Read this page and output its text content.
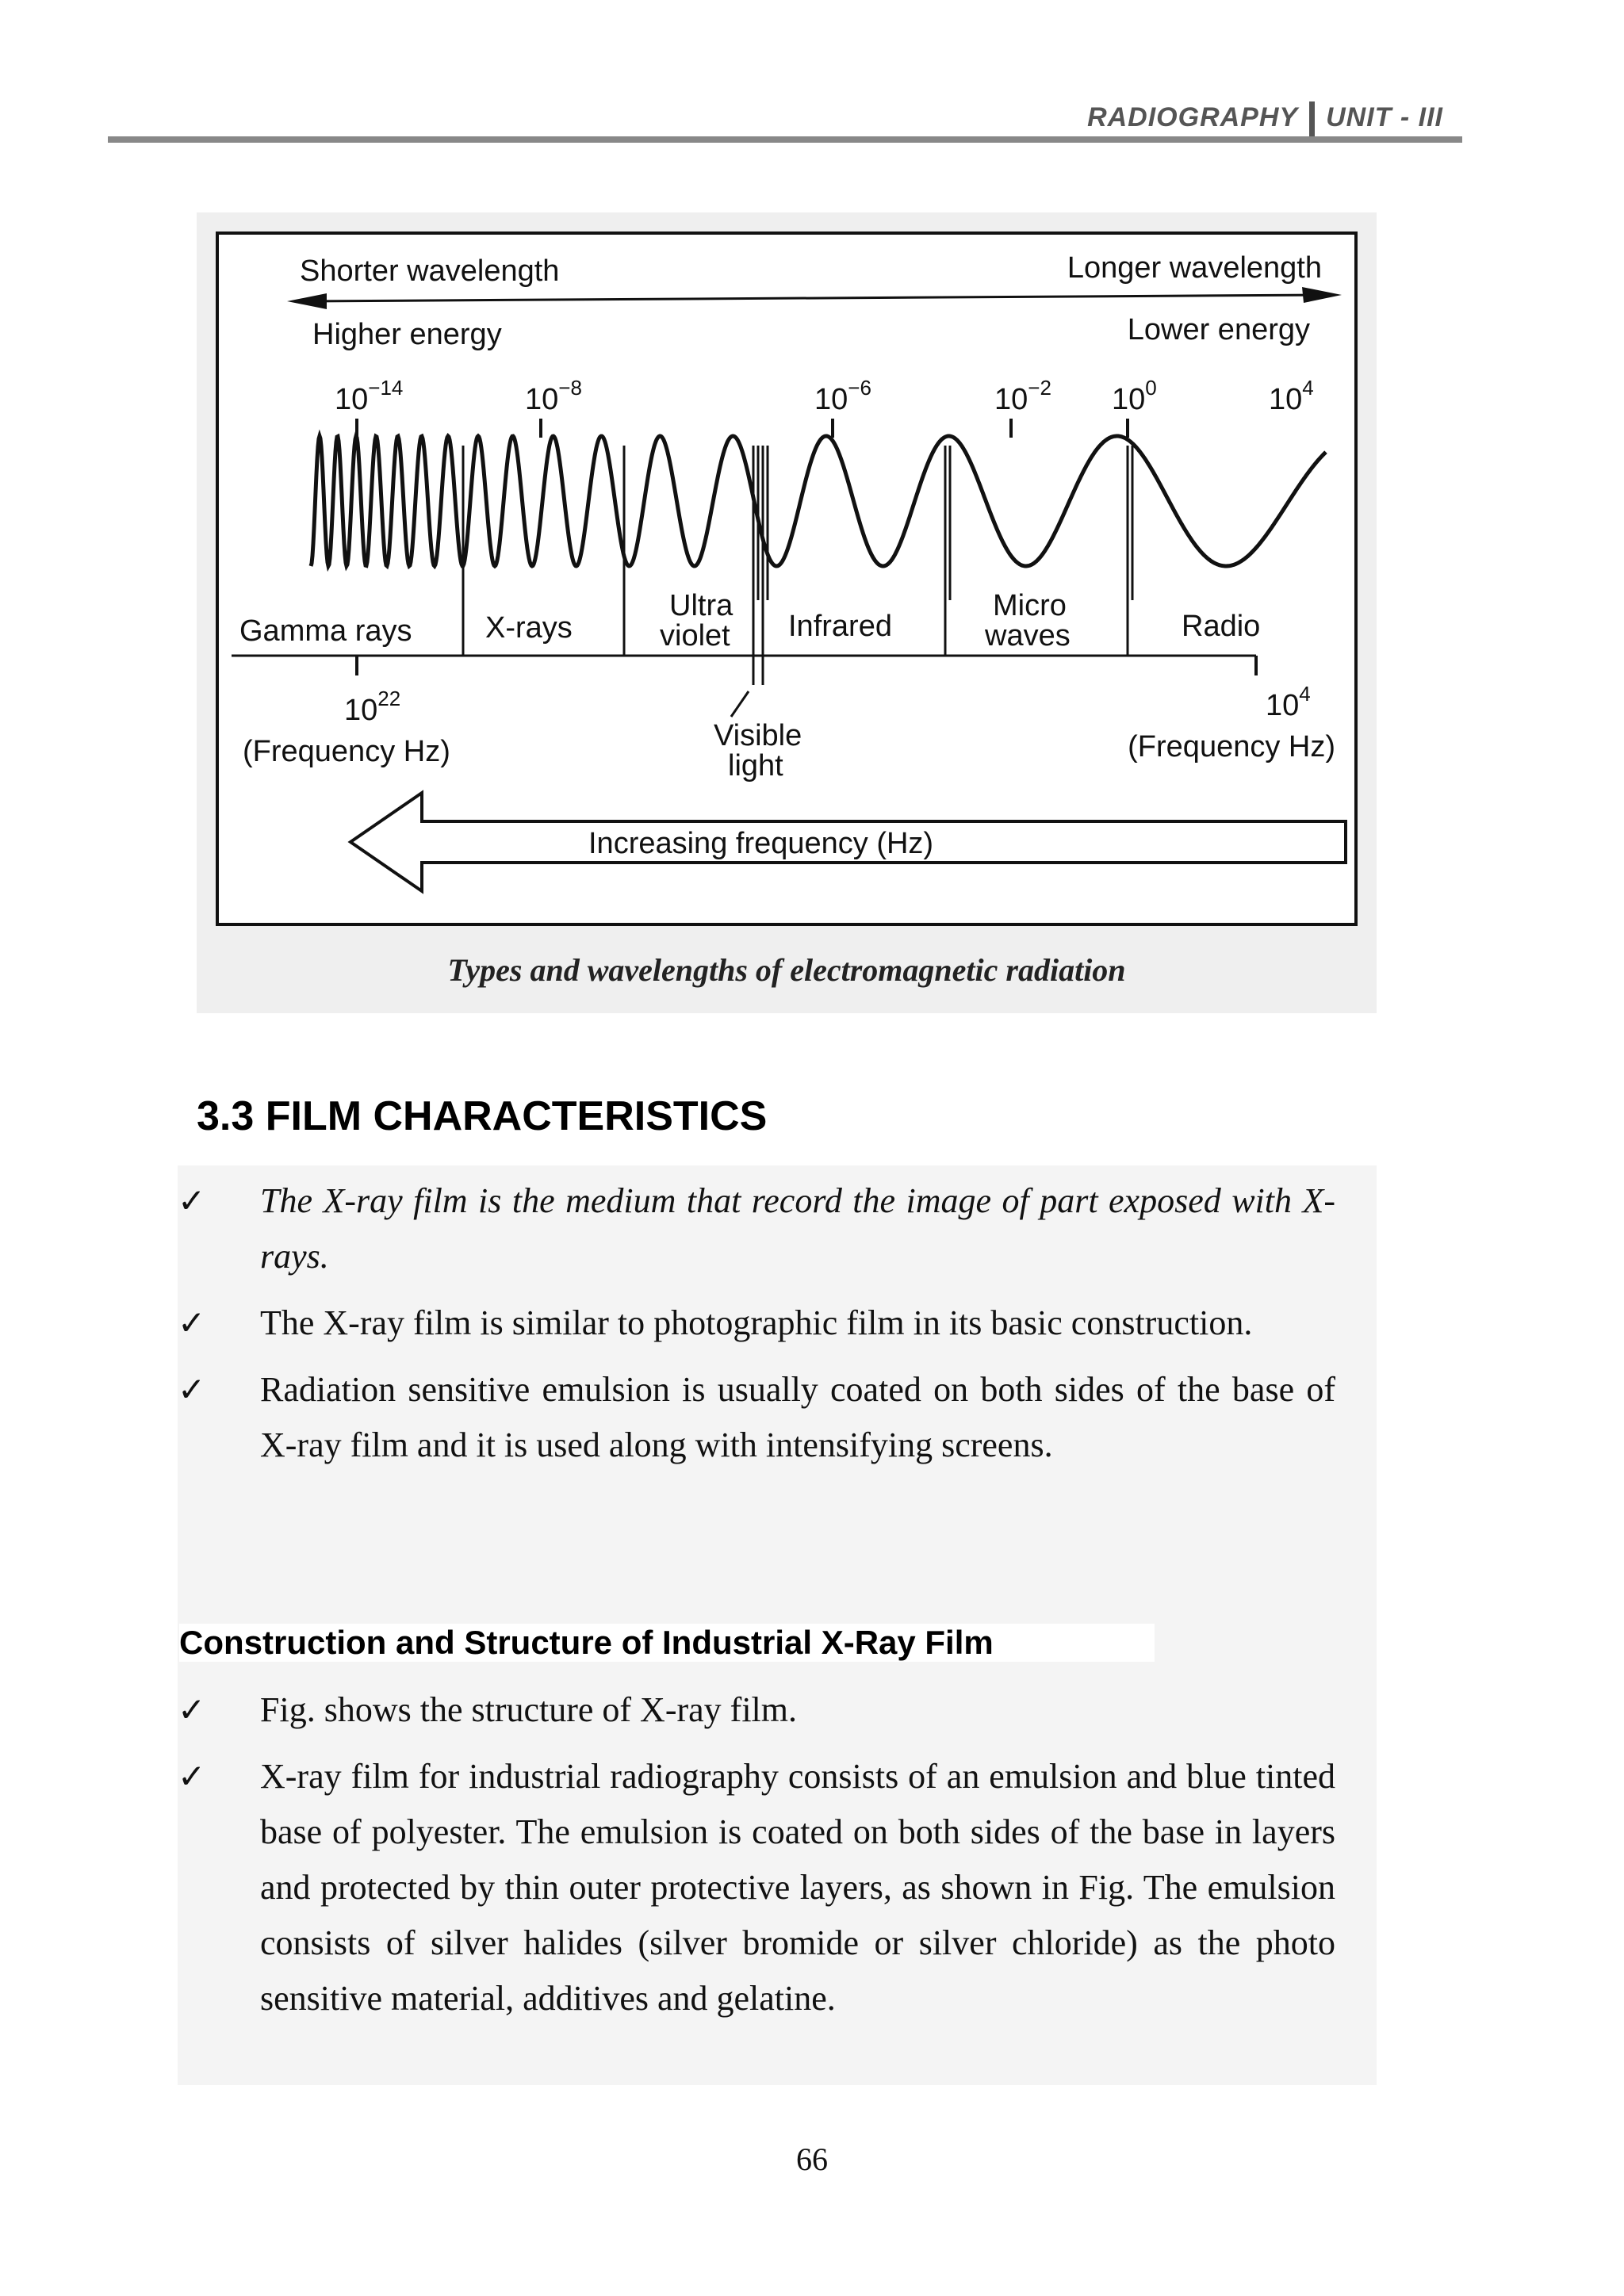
RADIOGRAPHY UNIT - III
Shorter wavelength	Longer wavelength
Higher energy	Lower energy
$10^{-14}$	$10^{-8}$	$10^{-6}$	$10^{-2}$ $10^0$	$10^4$
Gamma rays X-rays
Ultra
violet Infrared
Micro
waves	Radio
$10^{22}$
(Frequency Hz)
$10^4$
(Frequency Hz)
Visible
light
Increasing frequency (Hz)
Types and wavelengths of electromagnetic radiation
3.3 FILM CHARACTERISTICS
✓	The X-ray film is the medium that record the image of part exposed with X-rays.
✓	The X-ray film is similar to photographic film in its basic construction.
✓	Radiation sensitive emulsion is usually coated on both sides of the base of X-ray film and it is used along with intensifying screens.
Construction and Structure of Industrial X-Ray Film
✓	Fig. shows the structure of X-ray film.
✓	X-ray film for industrial radiography consists of an emulsion and blue tinted base of polyester. The emulsion is coated on both sides of the base in layers and protected by thin outer protective layers, as shown in Fig. The emulsion consists of silver halides (silver bromide or silver chloride) as the photo sensitive material, additives and gelatine.
66
